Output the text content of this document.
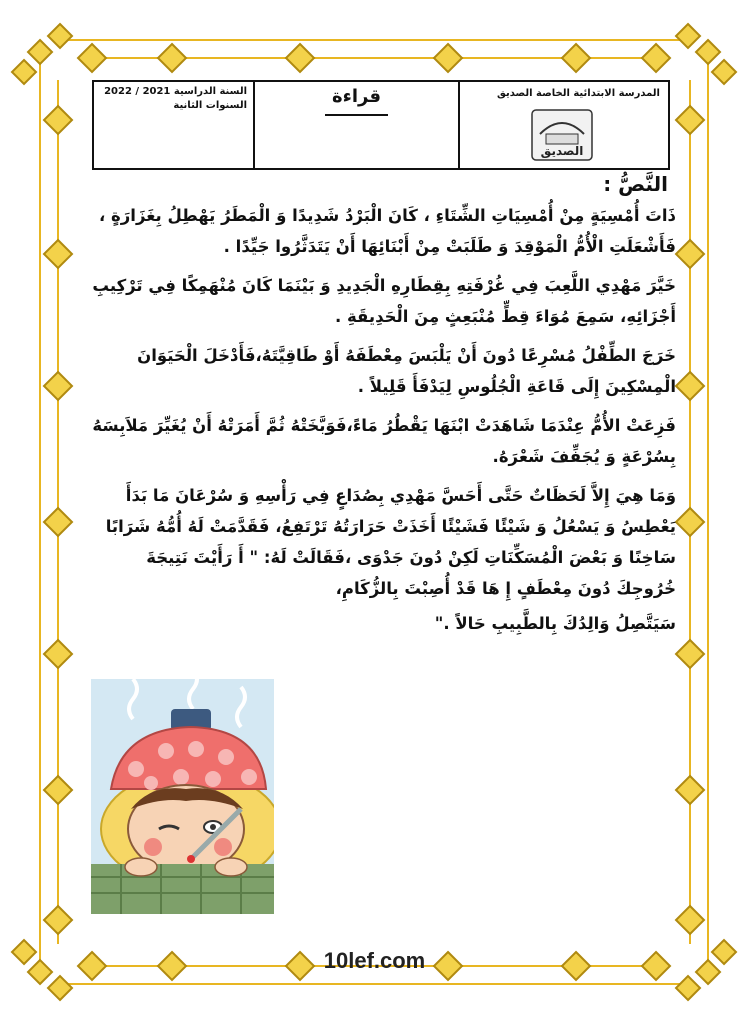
المدرسة الابتدائية الخاصة الصديق
الصديق
قراءة
السنة الدراسية 2021 / 2022
السنوات الثانية
النَّصُّ :

ذَاتَ أُمْسِيَةٍ مِنْ أُمْسِيَاتِ الشِّتَاءِ ، كَانَ الْبَرْدُ شَدِيدًا وَ الْمَطَرُ يَهْطِلُ بِغَزَارَةٍ ، فَأَشْعَلَتِ الْأُمُّ الْمَوْقِدَ وَ طَلَبَتْ مِنْ أَبْنَائِهَا أَنْ يَتَدَثَّرُوا جَيِّدًا .

خَيَّرَ مَهْدِي اللَّعِبَ فِي غُرْفَتِهِ بِقِطَارِهِ الْجَدِيدِ وَ بَيْنَمَا كَانَ مُنْهَمِكًا فِي تَرْكِيبِ أَجْزَائِهِ، سَمِعَ مُوَاءَ قِطٍّ مُنْبَعِثٍ مِنَ الْحَدِيقَةِ .

خَرَجَ الطِّفْلُ مُسْرِعًا دُونَ أَنْ يَلْبَسَ مِعْطَفَهُ أَوْ طَاقِيَّتَهُ،فَأَدْخَلَ الْحَيَوَانَ الْمِسْكِينَ إِلَى قَاعَةِ الْجُلُوسِ لِيَدْفَأَ قَلِيلاً .

فَزِعَتْ الأُمُّ عِنْدَمَا شَاهَدَتْ ابْنَهَا يَقْطُرُ مَاءً،فَوَبَّخَتْهُ ثُمَّ أَمَرَتْهُ أَنْ يُغَيِّرَ مَلاَبِسَهُ بِسُرْعَةٍ وَ يُجَفِّفَ شَعْرَهُ.

وَمَا هِيَ إِلاَّ لَحَظَاتٌ حَتَّى أَحَسَّ مَهْدِي بِصُدَاعٍ فِي رَأْسِهِ وَ سُرْعَانَ مَا بَدَأَ يَعْطِسُ وَ يَسْعُلُ وَ شَيْئًا فَشَيْئًا أَخَذَتْ حَرَارَتُهُ تَرْتَفِعُ، فَقَدَّمَتْ لَهُ أُمُّهُ شَرَابًا سَاخِنًا وَ بَعْضَ الْمُسَكِّنَاتِ لَكِنْ دُونَ جَدْوَى ،فَقَالَتْ لَهُ: " أَ رَأَيْتَ نَتِيجَةَ خُرُوجِكَ دُونَ مِعْطَفٍ إِ هَا قَدْ أُصِبْتَ بِالزُّكَامِ،

سَيَتَّصِلُ وَالِدُكَ بِالطَّبِيبِ حَالاً ."

10lef.com
